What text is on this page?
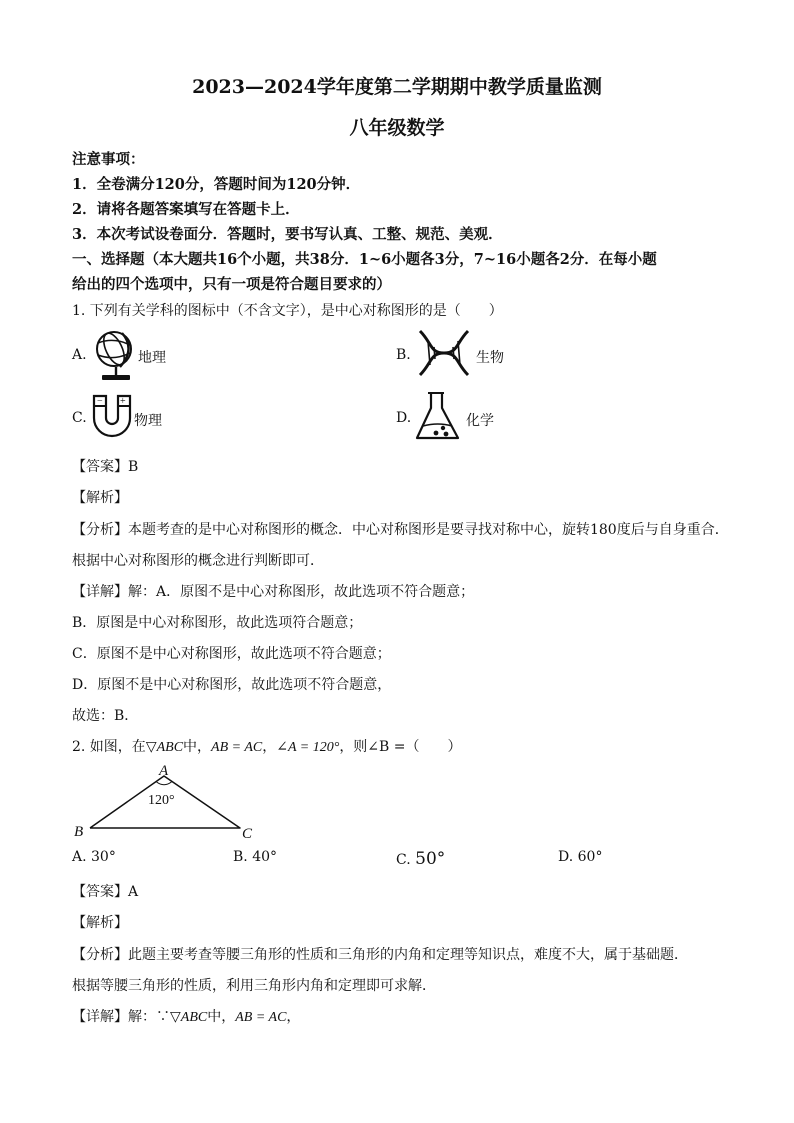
2023—2024学年度第二学期期中教学质量监测
八年级数学
注意事项：
1．全卷满分120分，答题时间为120分钟．
2．请将各题答案填写在答题卡上．
3．本次考试设卷面分．答题时，要书写认真、工整、规范、美观．
一、选择题（本大题共16个小题，共38分．1~6小题各3分，7~16小题各2分．在每小题
给出的四个选项中，只有一项是符合题目要求的）
1. 下列有关学科的图标中（不含文字），是中心对称图形的是（　　）
A.	地理	B.	生物
C.
− +
物理	D.	化学
【答案】B
【解析】
【分析】本题考查的是中心对称图形的概念．中心对称图形是要寻找对称中心，旋转180度后与自身重合．
根据中心对称图形的概念进行判断即可．
【详解】解：A．原图不是中心对称图形，故此选项不符合题意；
B．原图是中心对称图形，故此选项符合题意；
C．原图不是中心对称图形，故此选项不符合题意；
D．原图不是中心对称图形，故此选项不符合题意，
故选：B．
2. 如图，在▽ABC中，AB = AC，∠A = 120°，则∠B =（　　）
A
B	C
120°
A. 30°	B. 40°	C. 50°	D. 60°
【答案】A
【解析】
【分析】此题主要考查等腰三角形的性质和三角形的内角和定理等知识点，难度不大，属于基础题．
根据等腰三角形的性质，利用三角形内角和定理即可求解．
【详解】解：∵▽ABC中，AB = AC，
